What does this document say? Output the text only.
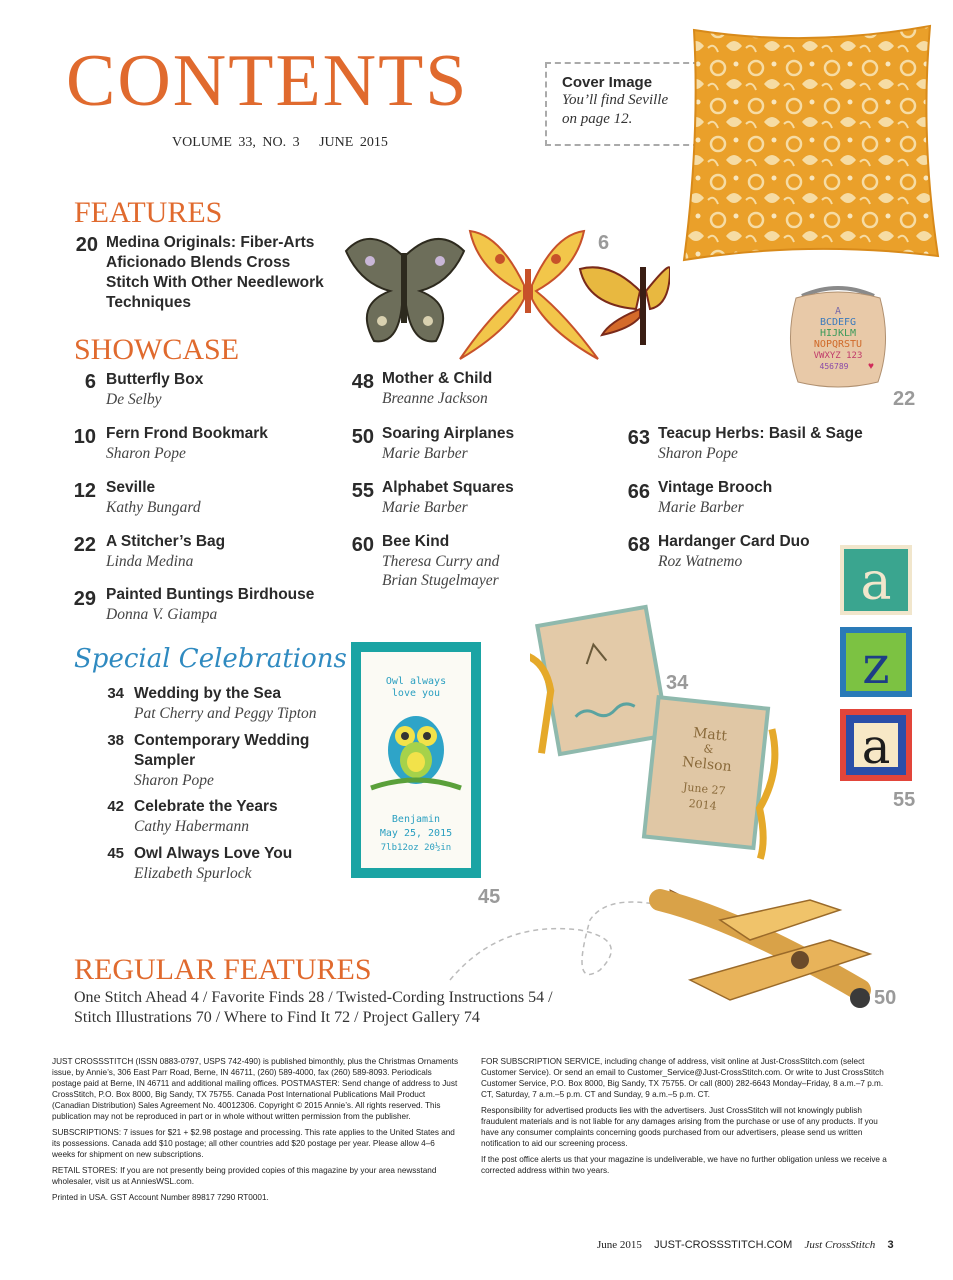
CONTENTS
VOLUME 33, NO. 3 JUNE 2015
Cover Image
You’ll find Seville
on page 12.
FEATURES
20 Medina Originals: Fiber-Arts
Aficionado Blends Cross
Stitch With Other Needlework
Techniques
6
A
BCDEFG
HIJKLM
NOPQRSTU
VWXYZ 123
456789 ♥
22
SHOWCASE
6 Butterfly Box
De Selby
10 Fern Frond Bookmark
Sharon Pope
12 Seville
Kathy Bungard
22 A Stitcher’s Bag
Linda Medina
29 Painted Buntings Birdhouse
Donna V. Giampa
48 Mother & Child
Breanne Jackson
50 Soaring Airplanes
Marie Barber
55 Alphabet Squares
Marie Barber
60 Bee Kind
Theresa Curry and
Brian Stugelmayer
63 Teacup Herbs: Basil & Sage
Sharon Pope
66 Vintage Brooch
Marie Barber
68 Hardanger Card Duo
Roz Watnemo	a
z
a
55
Special Celebrations
34 Wedding by the Sea
Pat Cherry and Peggy Tipton
38 Contemporary Wedding
Sampler
Sharon Pope
42 Celebrate the Years
Cathy Habermann
45 Owl Always Love You
Elizabeth Spurlock
Owl always
love you
Benjamin
May 25, 2015
7lb12oz 20½in
45
Matt
&
Nelson
June 27
2014
34
50
REGULAR FEATURES
One Stitch Ahead 4 / Favorite Finds 28 / Twisted-Cording Instructions 54 /
Stitch Illustrations 70 / Where to Find It 72 / Project Gallery 74

JUST CROSSSTITCH (ISSN 0883-0797, USPS 742-490) is published bimonthly, plus the Christmas Ornaments issue, by Annie’s, 306 East Parr Road, Berne, IN 46711, (260) 589-4000, fax (260) 589-8093. Periodicals postage paid at Berne, IN 46711 and additional mailing offices. POSTMASTER: Send change of address to Just CrossStitch, P.O. Box 8000, Big Sandy, TX 75755. Canada Post International Publications Mail Product (Canadian Distribution) Sales Agreement No. 40012306. Copyright © 2015 Annie’s. All rights reserved. This publication may not be reproduced in part or in whole without written permission from the publisher.

SUBSCRIPTIONS: 7 issues for $21 + $2.98 postage and processing. This rate applies to the United States and its possessions. Canada add $10 postage; all other countries add $20 postage per year. Please allow 4–6 weeks for shipment on new subscriptions.

RETAIL STORES: If you are not presently being provided copies of this magazine by your area newsstand wholesaler, visit us at AnniesWSL.com.

Printed in USA. GST Account Number 89817 7290 RT0001.

FOR SUBSCRIPTION SERVICE, including change of address, visit online at Just-CrossStitch.com (select Customer Service). Or send an email to Customer_Service@Just-CrossStitch.com. Or write to Just CrossStitch Customer Service, P.O. Box 8000, Big Sandy, TX 75755. Or call (800) 282-6643 Monday–Friday, 8 a.m.–7 p.m. CT, Saturday, 7 a.m.–5 p.m. CT and Sunday, 9 a.m.–5 p.m. CT.

Responsibility for advertised products lies with the advertisers. Just CrossStitch will not knowingly publish fraudulent materials and is not liable for any damages arising from the purchase or use of any products. If you have any consumer complaints concerning goods purchased from our advertisers, please send us written notification to aid our screening process.

If the post office alerts us that your magazine is undeliverable, we have no further obligation unless we receive a corrected address within two years.

June 2015 JUST-CROSSSTITCH.COM Just CrossStitch 3
